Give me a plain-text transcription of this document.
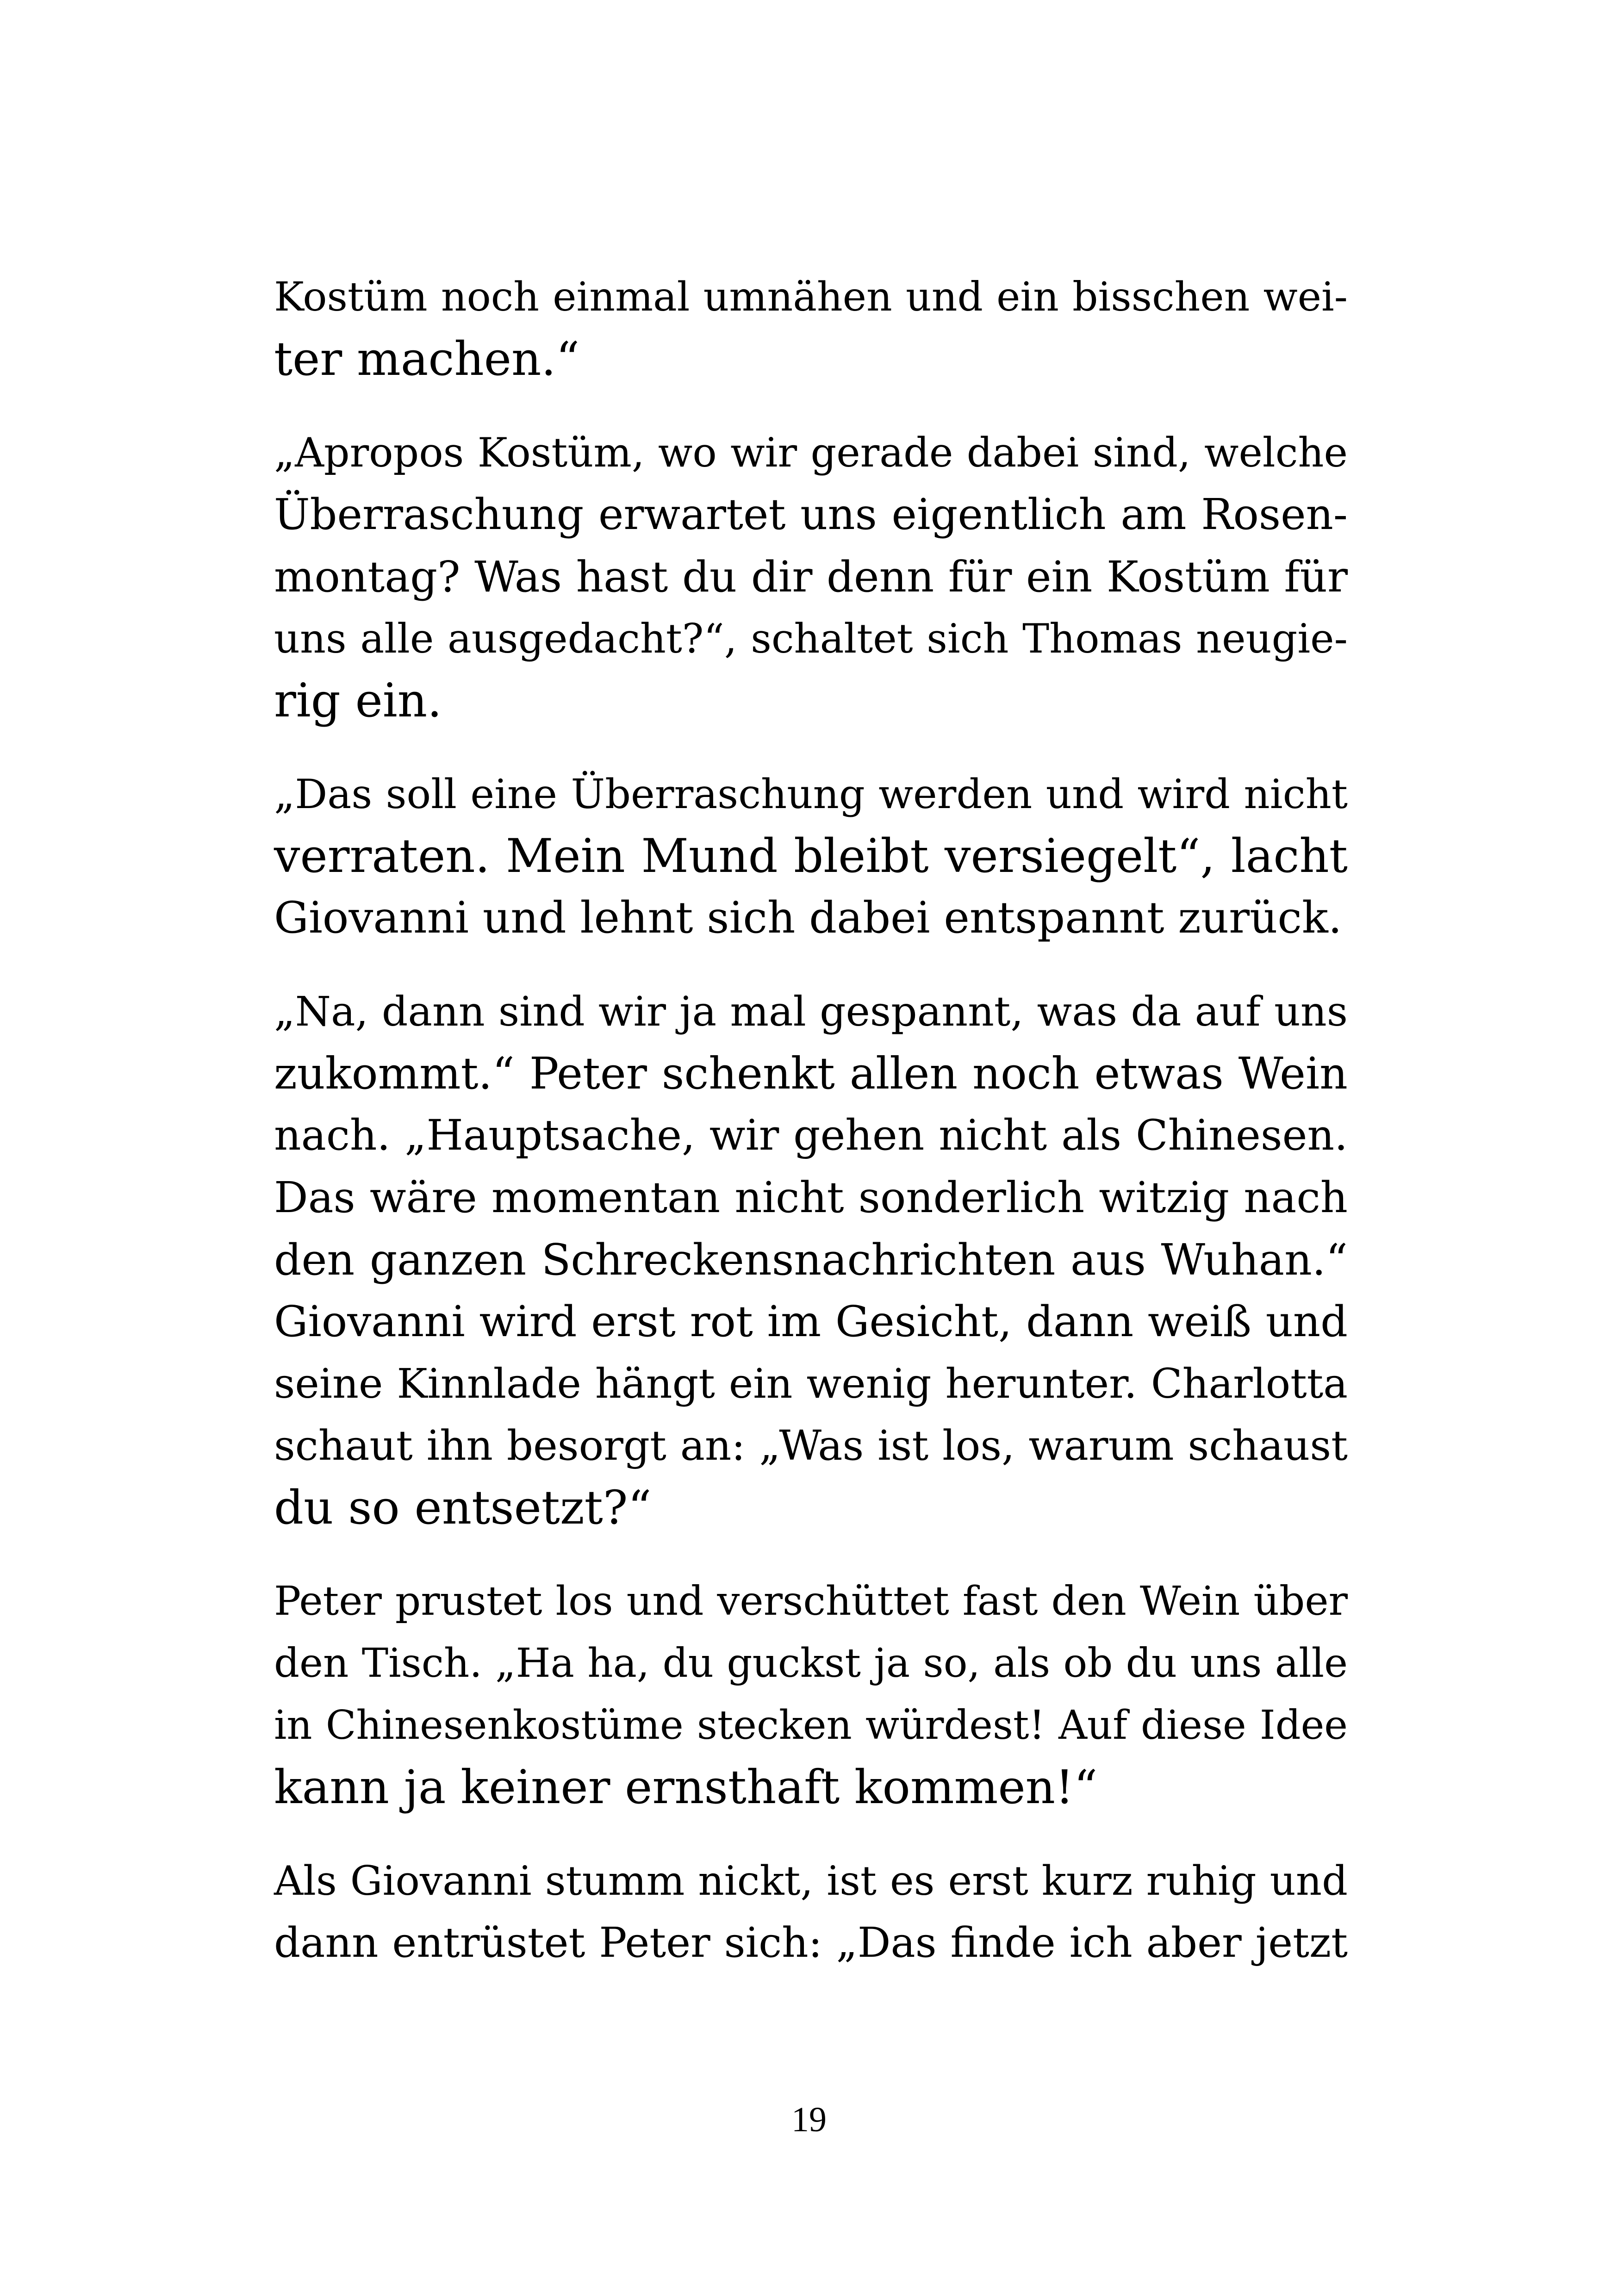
Kostüm noch einmal umnähen und ein bisschen wei-
ter machen.“

„Apropos Kostüm, wo wir gerade dabei sind, welche
Überraschung erwartet uns eigentlich am Rosen-
montag? Was hast du dir denn für ein Kostüm für
uns alle ausgedacht?“, schaltet sich Thomas neugie-
rig ein.

„Das soll eine Überraschung werden und wird nicht
verraten. Mein Mund bleibt versiegelt“, lacht
Giovanni und lehnt sich dabei entspannt zurück.

„Na, dann sind wir ja mal gespannt, was da auf uns
zukommt.“ Peter schenkt allen noch etwas Wein
nach. „Hauptsache, wir gehen nicht als Chinesen.
Das wäre momentan nicht sonderlich witzig nach
den ganzen Schreckensnachrichten aus Wuhan.“
Giovanni wird erst rot im Gesicht, dann weiß und
seine Kinnlade hängt ein wenig herunter. Charlotta
schaut ihn besorgt an: „Was ist los, warum schaust
du so entsetzt?“

Peter prustet los und verschüttet fast den Wein über
den Tisch. „Ha ha, du guckst ja so, als ob du uns alle
in Chinesenkostüme stecken würdest! Auf diese Idee
kann ja keiner ernsthaft kommen!“

Als Giovanni stumm nickt, ist es erst kurz ruhig und
dann entrüstet Peter sich: „Das finde ich aber jetzt

19
